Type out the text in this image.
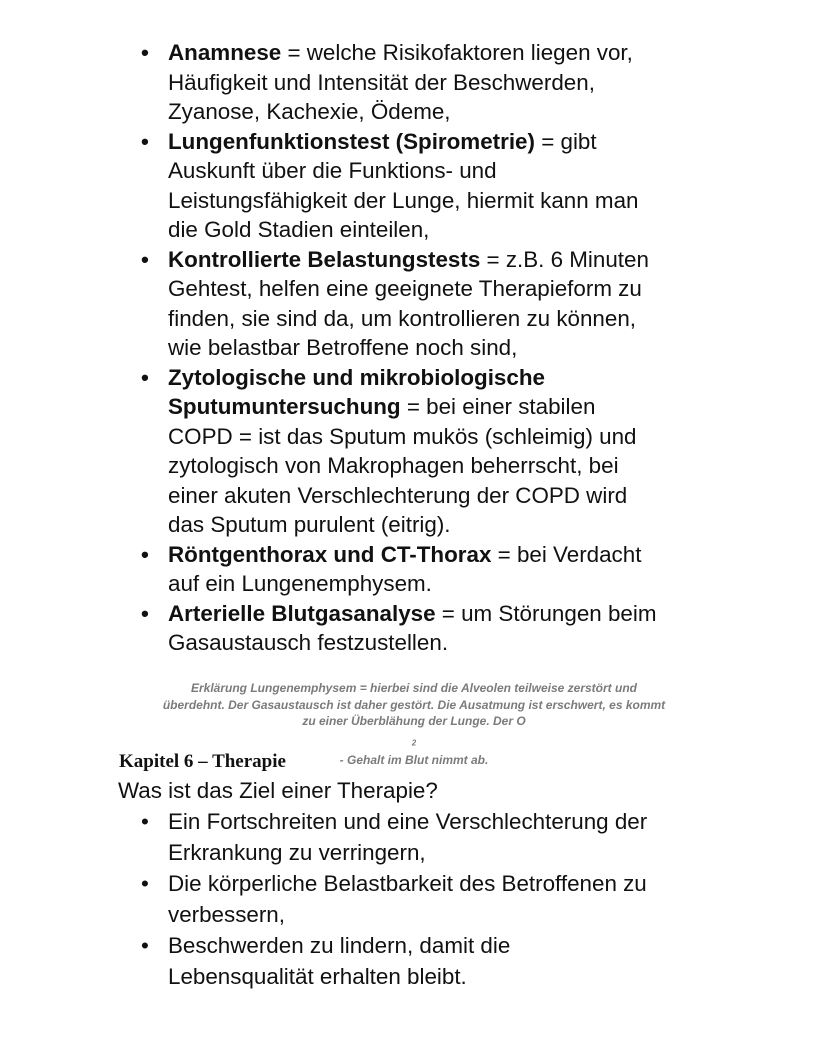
• Anamnese = welche Risikofaktoren liegen vor,
Häufigkeit und Intensität der Beschwerden,
Zyanose, Kachexie, Ödeme,
• Lungenfunktionstest (Spirometrie) = gibt
Auskunft über die Funktions- und
Leistungsfähigkeit der Lunge, hiermit kann man
die Gold Stadien einteilen,
• Kontrollierte Belastungstests = z.B. 6 Minuten
Gehtest, helfen eine geeignete Therapieform zu
finden, sie sind da, um kontrollieren zu können,
wie belastbar Betroffene noch sind,
• Zytologische und mikrobiologische
Sputumuntersuchung = bei einer stabilen
COPD = ist das Sputum mukös (schleimig) und
zytologisch von Makrophagen beherrscht, bei
einer akuten Verschlechterung der COPD wird
das Sputum purulent (eitrig).
• Röntgenthorax und CT-Thorax = bei Verdacht
auf ein Lungenemphysem.
• Arterielle Blutgasanalyse = um Störungen beim
Gasaustausch festzustellen.
Erklärung Lungenemphysem = hierbei sind die Alveolen teilweise zerstört und
überdehnt. Der Gasaustausch ist daher gestört. Die Ausatmung ist erschwert, es kommt
zu einer Überblähung der Lunge. Der O
$_2$
- Gehalt im Blut nimmt ab.
Kapitel 6 – Therapie
Was ist das Ziel einer Therapie?
• Ein Fortschreiten und eine Verschlechterung der
Erkrankung zu verringern,
• Die körperliche Belastbarkeit des Betroffenen zu
verbessern,
• Beschwerden zu lindern, damit die
Lebensqualität erhalten bleibt.
